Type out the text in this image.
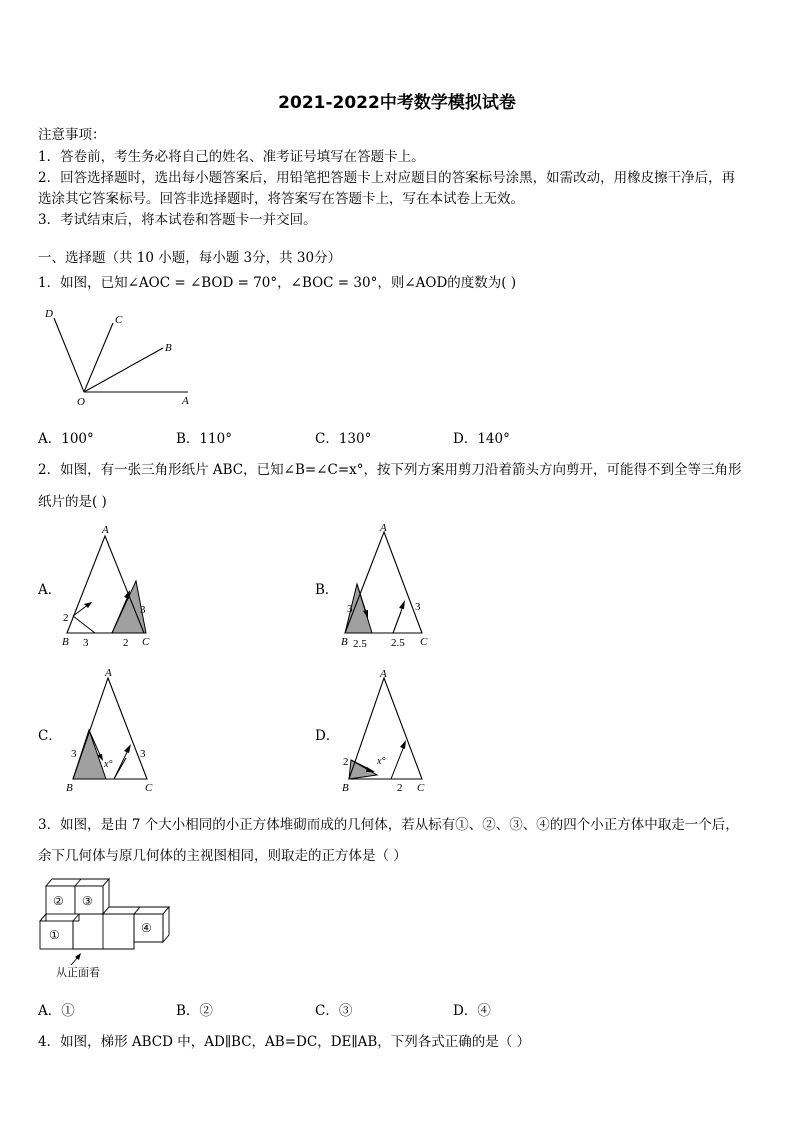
2021-2022中考数学模拟试卷
注意事项：
1．答卷前，考生务必将自己的姓名、准考证号填写在答题卡上。
2．回答选择题时，选出每小题答案后，用铅笔把答题卡上对应题目的答案标号涂黑，如需改动，用橡皮擦干净后，再
选涂其它答案标号。回答非选择题时，将答案写在答题卡上，写在本试卷上无效。
3．考试结束后，将本试卷和答题卡一并交回。
一、选择题（共 10 小题，每小题 3分，共 30分）
1．如图，已知∠AOC = ∠BOD = 70°，∠BOC = 30°，则∠AOD的度数为( )
D	C
B
O	A
A．100°	B．110°	C．130°	D．140°
2．如图，有一张三角形纸片 ABC，已知∠B=∠C=x°，按下列方案用剪刀沿着箭头方向剪开，可能得不到全等三角形
纸片的是( )
A．	B．
C．	D．
A
B	C
2
3	2
3
A
B	C
3
2.5 2.5
3
A
B	C
3
x°
3
A
B	C
2	x°
2
3．如图，是由 7 个大小相同的小正方体堆砌而成的几何体，若从标有①、②、③、④的四个小正方体中取走一个后，
余下几何体与原几何体的主视图相同，则取走的正方体是（ ）
①
② ③
④
从正面看
A．①	B．②	C．③	D．④
4．如图，梯形 ABCD 中，AD∥BC，AB=DC，DE∥AB，下列各式正确的是（ ）
